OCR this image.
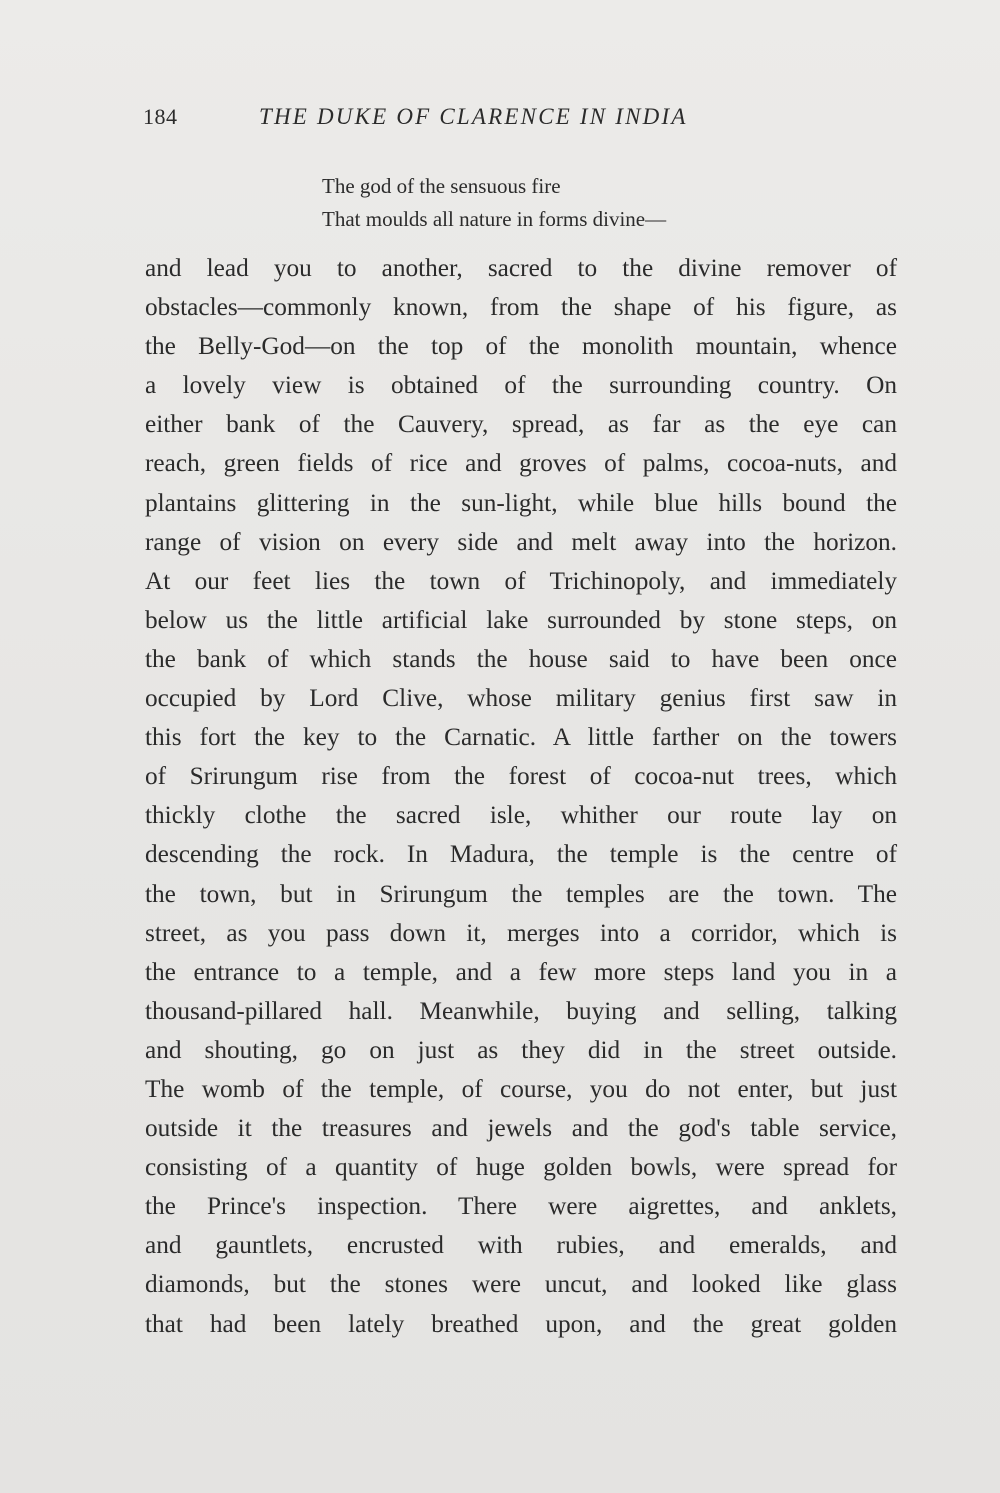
184	THE DUKE OF CLARENCE IN INDIA
The god of the sensuous fire
That moulds all nature in forms divine—
and lead you to another, sacred to the divine remover of
obstacles—commonly known, from the shape of his figure, as
the Belly-God—on the top of the monolith mountain, whence
a lovely view is obtained of the surrounding country. On
either bank of the Cauvery, spread, as far as the eye can
reach, green fields of rice and groves of palms, cocoa-nuts, and
plantains glittering in the sun-light, while blue hills bound the
range of vision on every side and melt away into the horizon.
At our feet lies the town of Trichinopoly, and immediately
below us the little artificial lake surrounded by stone steps, on
the bank of which stands the house said to have been once
occupied by Lord Clive, whose military genius first saw in
this fort the key to the Carnatic. A little farther on the towers
of Srirungum rise from the forest of cocoa-nut trees, which
thickly clothe the sacred isle, whither our route lay on
descending the rock. In Madura, the temple is the centre of
the town, but in Srirungum the temples are the town. The
street, as you pass down it, merges into a corridor, which is
the entrance to a temple, and a few more steps land you in a
thousand-pillared hall. Meanwhile, buying and selling, talking
and shouting, go on just as they did in the street outside.
The womb of the temple, of course, you do not enter, but just
outside it the treasures and jewels and the god's table service,
consisting of a quantity of huge golden bowls, were spread for
the Prince's inspection. There were aigrettes, and anklets,
and gauntlets, encrusted with rubies, and emeralds, and
diamonds, but the stones were uncut, and looked like glass
that had been lately breathed upon, and the great golden
